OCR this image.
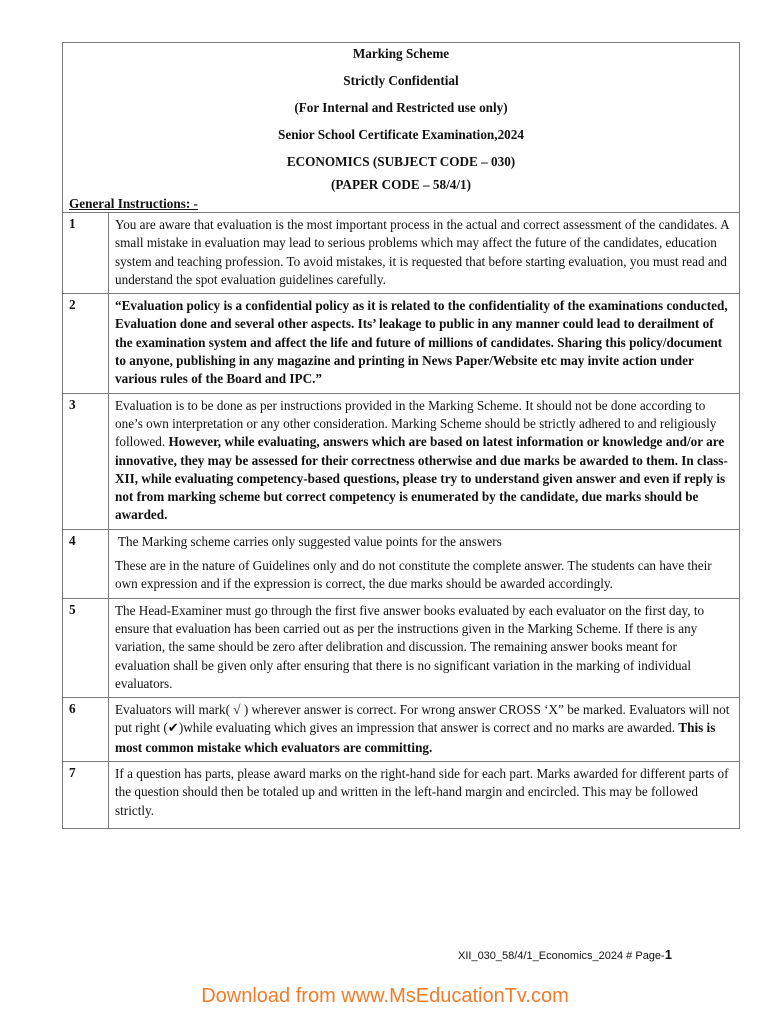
Marking Scheme
Strictly Confidential
(For Internal and Restricted use only)
Senior School Certificate Examination,2024
ECONOMICS (SUBJECT CODE – 030)
(PAPER CODE – 58/4/1)
General Instructions: -
1	You are aware that evaluation is the most important process in the actual and correct assessment of the candidates. A small mistake in evaluation may lead to serious problems which may affect the future of the candidates, education system and teaching profession. To avoid mistakes, it is requested that before starting evaluation, you must read and understand the spot evaluation guidelines carefully.

2	“Evaluation policy is a confidential policy as it is related to the confidentiality of the examinations conducted, Evaluation done and several other aspects. Its’ leakage to public in any manner could lead to derailment of the examination system and affect the life and future of millions of candidates. Sharing this policy/document to anyone, publishing in any magazine and printing in News Paper/Website etc may invite action under various rules of the Board and IPC.”

3	Evaluation is to be done as per instructions provided in the Marking Scheme. It should not be done according to one’s own interpretation or any other consideration. Marking Scheme should be strictly adhered to and religiously followed. However, while evaluating, answers which are based on latest information or knowledge and/or are innovative, they may be assessed for their correctness otherwise and due marks be awarded to them. In class-XII, while evaluating competency-based questions, please try to understand given answer and even if reply is not from marking scheme but correct competency is enumerated by the candidate, due marks should be awarded.

4	The Marking scheme carries only suggested value points for the answers

These are in the nature of Guidelines only and do not constitute the complete answer. The students can have their own expression and if the expression is correct, the due marks should be awarded accordingly.

5	The Head-Examiner must go through the first five answer books evaluated by each evaluator on the first day, to ensure that evaluation has been carried out as per the instructions given in the Marking Scheme. If there is any variation, the same should be zero after delibration and discussion. The remaining answer books meant for evaluation shall be given only after ensuring that there is no significant variation in the marking of individual evaluators.

6	Evaluators will mark( √ ) wherever answer is correct. For wrong answer CROSS ‘X” be marked. Evaluators will not put right (✔)while evaluating which gives an impression that answer is correct and no marks are awarded. This is most common mistake which evaluators are committing.

7	If a question has parts, please award marks on the right-hand side for each part. Marks awarded for different parts of the question should then be totaled up and written in the left-hand margin and encircled. This may be followed strictly.

XII_030_58/4/1_Economics_2024 # Page-1
Download from www.MsEducationTv.com
